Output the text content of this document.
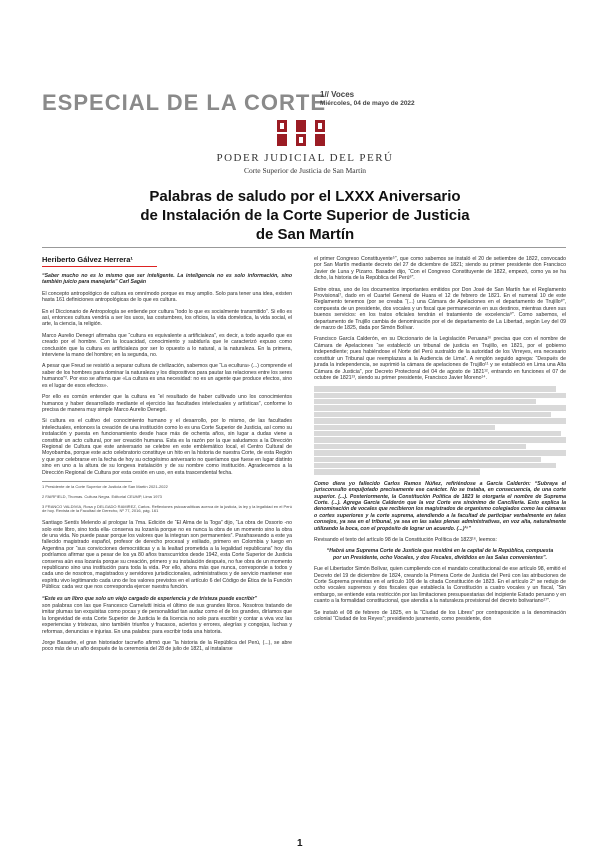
ESPECIAL DE LA CORTE
1// Voces
Miércoles, 04 de mayo de 2022
PODER JUDICIAL DEL PERÚ
Corte Superior de Justicia de San Martín
Palabras de saludo por el LXXX Aniversario de Instalación de la Corte Superior de Justicia de San Martín
Heriberto Gálvez Herrera¹

“Saber mucho no es lo mismo que ser inteligente. La inteligencia no es solo información, sino también juicio para manejarla” Carl Sagán

El concepto antropológico de cultura es omnímodo porque es muy amplio. Solo para tener una idea, existen hasta 161 definiciones antropológicas de lo que es cultura.

En el Diccionario de Antropología se entiende por cultura “todo lo que es socialmente transmitido”. Si ello es así, entonces cultura vendría a ser los usos, las costumbres, los oficios, la vida doméstica, la vida social, el arte, la ciencia, la religión.

Marco Aurelio Denegri afirmaba que “cultura es equivalente a artificialeza”, es decir, a todo aquello que es creado por el hombre. Con la locuacidad, conocimiento y sabiduría que le caracterizó expuso como conclusión que la cultura es artificialeza por ser lo opuesto a lo natural, a la naturaleza. En la primera, interviene la mano del hombre; en la segunda, no.

A pesar que Freud se resistió a separar cultura de civilización, sabemos que “La ecultura» (...) comprende el saber de los hombres para dominar la naturaleza y los dispositivos para pautar las relaciones entre los seres humanos”². Por eso se afirma que «La cultura es una necesidad: no es un agente que produce efectos, sino es el lugar de esos efectos».

Por ello es común entender que la cultura es “el resultado de haber cultivado uno los conocimientos humanos y haber desarrollado mediante el ejercicio las facultades intelectuales y artísticas”, conforme lo precisa de manera muy simple Marco Aurelio Denegri.

Si cultura es el cultivo del conocimiento humano y el desarrollo, por lo mismo, de las facultades intelectuales, entonces la creación de una institución como lo es una Corte Superior de Justicia, así como su instalación y puesta en funcionamiento desde hace más de ochenta años, sin lugar a dudas viene a constituir un acto cultural, por ser creación humana. Esta es la razón por la que saludamos a la Dirección Regional de Cultura que este aniversario se celebre en este emblemático local, el Centro Cultural de Moyobamba, porque este acto celebratorio constituye un hito en la historia de nuestra Corte, de esta Región y que por celebrarse en la fecha de hoy su octogésimo aniversario no queríamos que fuese en lugar distinto sino en uno a la altura de su longeva instalación y de su nombre como institución. Agradecemos a la Dirección Regional de Cultura por esta cesión en uso, en esta trascendental fecha.

1 Presidente de la Corte Superior de Justicia de San Martín 2021-2022

2 FAIRFIELD, Thomas. Cultura Negra. Editorial CEUMP, Lima 1973

3 FRANCO VALDIVIA, Rosa y DELGADO RAMIREZ, Carlos. Reflexiones psicoanalíticas acerca de la justicia, la ley y la legalidad en el Perú de hoy. Revista de la Facultad de Derecho, Nº 77, 2016, pág. 161

Santiago Sentís Melendo al prologar la 7ma. Edición de “El Alma de la Toga” dijo, “La obra de Ossorio -no solo este libro, sino toda ella- conserva su lozanía porque no es nunca la obra de un momento sino la obra de una vida. No puede pasar porque los valores que la integran son permanentes”. Parafraseando a este ya fallecido magistrado español, profesor de derecho procesal y exiliado, primero en Colombia y luego en Argentina por “sus convicciones democráticas y a la lealtad prometida a la legalidad republicana” hoy día podríamos afirmar que a pesar de los ya 80 años transcurridos desde 1942, esta Corte Superior de Justicia conserva aún esa lozanía porque su creación, primero y su instalación después, no fue obra de un momento republicano sino una institución para toda la vida. Por ello, ahora más que nunca, corresponde a todos y cada uno de nosotros, magistrados y servidores jurisdiccionales, administrativos y de servicio mantener ese espíritu vivo legitimando cada uno de los valores previstos en el artículo 6 del Código de Ética de la Función Pública: cada vez que nos corresponda ejercer nuestra función.

“Este es un libro que solo un viejo cargado de experiencia y de tristeza puede escribir”

son palabras con las que Francesco Carnelutti inicia el último de sus grandes libros. Nosotros tratando de imitar plumas tan exquisitas como pocas y de personalidad tan audaz como el de los grandes, diríamos que la longevidad de esta Corte Superior de Justicia le da licencia no solo para escribir y contar a viva voz las experiencias y tristezas, sino también triunfos y fracasos, aciertos y errores, alegrías y congojas, luchas y reformas, denuncias e injurias. En una palabra: para escribir toda una historia.

Jorge Basadre, el gran historiador tacneño afirmó que “la historia de la República del Perú, (...), se abre poco más de un año después de la ceremonia del 28 de julio de 1821, al instalarse

el primer Congreso Constituyente⁵”, que como sabemos se instaló el 20 de setiembre de 1822, convocado por San Martín mediante decreto del 27 de diciembre de 1821; siendo su primer presidente don Francisco Javier de Luna y Pizarro. Basadre dijo, “Con el Congreso Constituyente de 1822, empezó, como ya se ha dicho, la historia de la República del Perú⁶”.

Entre otras, uno de los documentos importantes emitidos por Don José de San Martín fue el Reglamento Provisional⁷, dado en el Cuartel General de Huara el 12 de febrero de 1821. En el numeral 10 de este Reglamento tenemos (por se creaba “(...) una Cámara de Apelaciones en el departamento de Trujillo⁸”, compuesta de un presidente, dos vocales y un fiscal que permanecerán en sus destinos, mientras duren sus buenos servicios: en los tratos oficiales tendrán el tratamiento de excelencia⁹”. Como sabemos, el departamento de Trujillo cambia de denominación por el de departamento de La Libertad, según Ley del 09 de marzo de 1825, dada por Simón Bolívar.

Francisco García Calderón, en su Diccionario de la Legislación Peruana¹⁰ precisa que con el nombre de Cámara de Apelaciones “se estableció un tribunal de justicia en Trujillo, en 1821, por el gobierno independiente; pues habiéndose el Norte del Perú sustraído de la autoridad de los Virreyes, era necesario constituir un Tribunal que reemplazara a la Audiencia de Lima”. A renglón seguido agrega: “Después de jurada la independencia, se suprimió la cámara de apelaciones de Trujillo¹¹ y se estableció en Lima una Alta Cámara de Justicia”, por Decreto Protectoral del 04 de agosto de 1821¹², entrando en funciones el 07 de octubre de 1821¹³, siendo su primer presidente, Francisco Javier Moreno¹⁴.

Como diera yo fallecido Carlos Ramos Núñez, refiriéndose a García Calderón: “Subraya el jurisconsulto enquijotado precisamente ese carácter. No se trataba, en consecuencia, de una corte superior. (...). Posteriormente, la Constitución Política de 1823 le otorgaría el nombre de Suprema Corte. (...). Agrega García Calderón que la voz Corte era sinónimo de Cancillería. Esto explica la denominación de vocales que recibieron los magistrados de organismo colegiados como las cámaras o cortes superiores y la corte suprema, atendiendo a la facultad de participar verbalmente en tales consejos, ya sea en el tribunal, ya sea en las salas plenas administrativas, en voz alta, naturalmente utilizando la boca, con el propósito de lograr un acuerdo. (...)¹⁵”

Revisando el texto del artículo 98 de la Constitución Política de 1823¹⁶, leemos:

“Habrá una Suprema Corte de Justicia que residirá en la capital de la República, compuesta por un Presidente, ocho Vocales, y dos Fiscales, divididos en las Salas convenientes”.

Fue el Libertador Simón Bolívar, quien cumpliendo con el mandato constitucional de ese artículo 98, emitió el Decreto del 19 de diciembre de 1824, creando la Primera Corte de Justicia del Perú con las atribuciones de Corte Suprema previstas en el artículo 106 de la citada Constitución de 1823. En el artículo 2° se redujo de ocho vocales supremos y dos fiscales que establecía la Constitución a cuatro vocales y un fiscal, “Sin embargo, se entiende esta restricción por las limitaciones presupuestarias del incipiente Estado peruano y en cuanto a la formalidad constitucional, que atendía a la naturaleza provisional del decreto bolivariano¹⁷”.

Se instaló el 08 de febrero de 1825, en la “Ciudad de los Libres” por contraposición a la denominación colonial “Ciudad de los Reyes”; presidiendo juramento, como presidente, don

1
